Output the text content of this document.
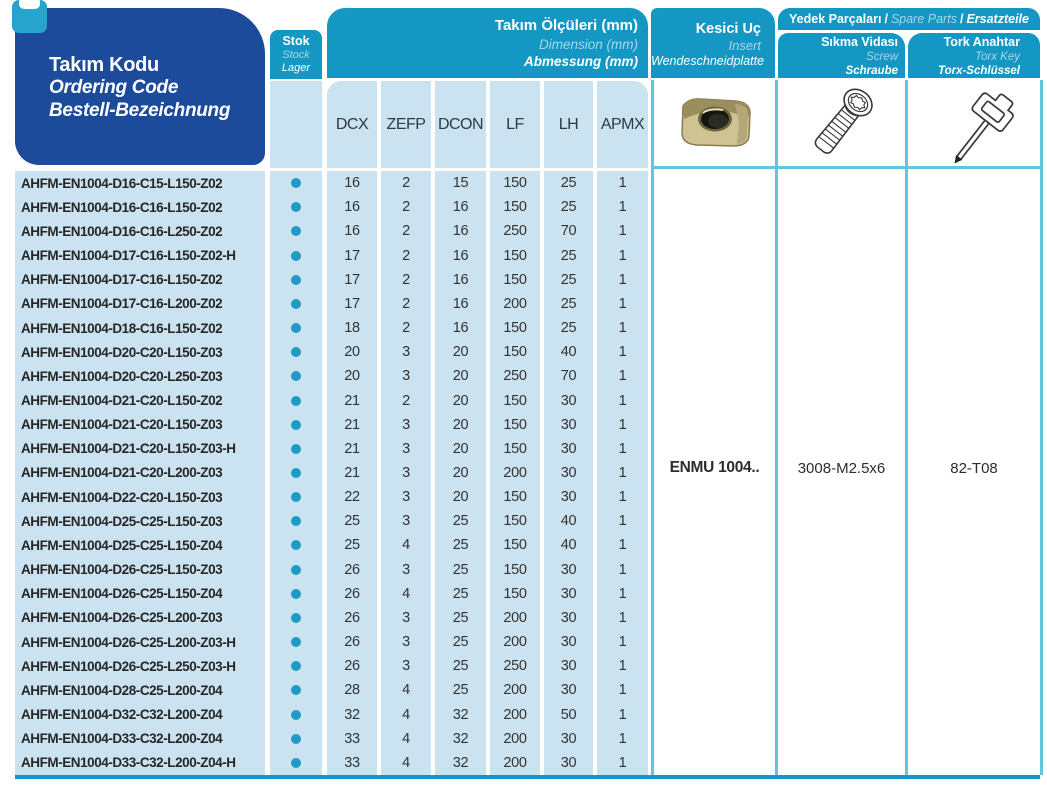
Takım Kodu
Ordering Code
Bestell-Bezeichnung
Stok
Stock
Lager
Takım Ölçüleri (mm)
Dimension (mm)
Abmessung (mm)
DCX	ZEFP DCON	LF	LH	APMX
Kesici Uç
Insert
Wendeschneidplatte
Yedek Parçaları / Spare Parts / Ersatzteile
Sıkma Vidası
Screw
Schraube
Tork Anahtar
Torx Key
Torx-Schlüssel
ENMU 1004..	3008-M2.5x6	82-T08
AHFM-EN1004-D16-C15-L150-Z02	16	2	15	150	25	1
AHFM-EN1004-D16-C16-L150-Z02	16	2	16	150	25	1
AHFM-EN1004-D16-C16-L250-Z02	16	2	16	250	70	1
AHFM-EN1004-D17-C16-L150-Z02-H	17	2	16	150	25	1
AHFM-EN1004-D17-C16-L150-Z02	17	2	16	150	25	1
AHFM-EN1004-D17-C16-L200-Z02	17	2	16	200	25	1
AHFM-EN1004-D18-C16-L150-Z02	18	2	16	150	25	1
AHFM-EN1004-D20-C20-L150-Z03	20	3	20	150	40	1
AHFM-EN1004-D20-C20-L250-Z03	20	3	20	250	70	1
AHFM-EN1004-D21-C20-L150-Z02	21	2	20	150	30	1
AHFM-EN1004-D21-C20-L150-Z03	21	3	20	150	30	1
AHFM-EN1004-D21-C20-L150-Z03-H	21	3	20	150	30	1
AHFM-EN1004-D21-C20-L200-Z03	21	3	20	200	30	1
AHFM-EN1004-D22-C20-L150-Z03	22	3	20	150	30	1
AHFM-EN1004-D25-C25-L150-Z03	25	3	25	150	40	1
AHFM-EN1004-D25-C25-L150-Z04	25	4	25	150	40	1
AHFM-EN1004-D26-C25-L150-Z03	26	3	25	150	30	1
AHFM-EN1004-D26-C25-L150-Z04	26	4	25	150	30	1
AHFM-EN1004-D26-C25-L200-Z03	26	3	25	200	30	1
AHFM-EN1004-D26-C25-L200-Z03-H	26	3	25	200	30	1
AHFM-EN1004-D26-C25-L250-Z03-H	26	3	25	250	30	1
AHFM-EN1004-D28-C25-L200-Z04	28	4	25	200	30	1
AHFM-EN1004-D32-C32-L200-Z04	32	4	32	200	50	1
AHFM-EN1004-D33-C32-L200-Z04	33	4	32	200	30	1
AHFM-EN1004-D33-C32-L200-Z04-H	33	4	32	200	30	1
